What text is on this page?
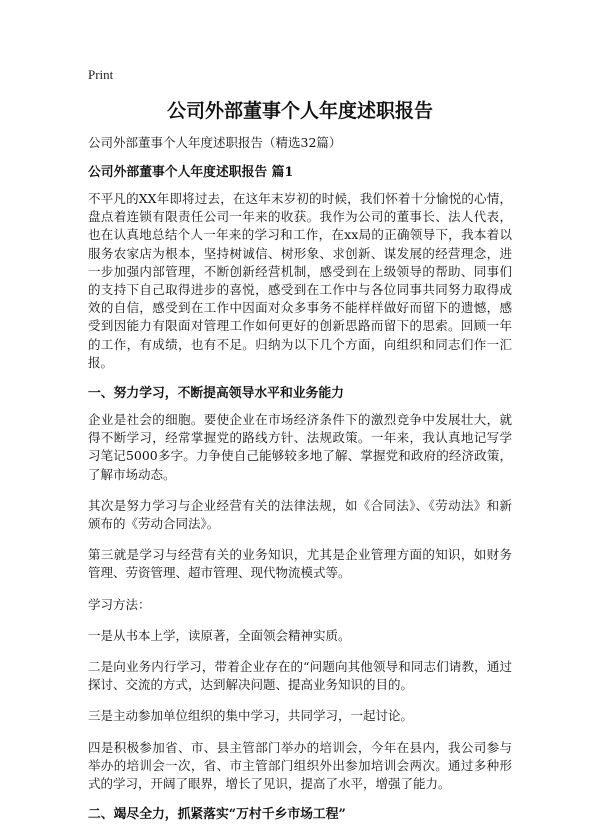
Print
公司外部董事个人年度述职报告

公司外部董事个人年度述职报告（精选32篇）

公司外部董事个人年度述职报告 篇1

不平凡的XX年即将过去，在这年末岁初的时候，我们怀着十分愉悦的心情，盘点着连锁有限责任公司一年来的收获。我作为公司的董事长、法人代表，也在认真地总结个人一年来的学习和工作，在xx局的正确领导下，我本着以服务农家店为根本，坚持树诚信、树形象、求创新、谋发展的经营理念，进一步加强内部管理，不断创新经营机制，感受到在上级领导的帮助、同事们的支持下自己取得进步的喜悦，感受到在工作中与各位同事共同努力取得成效的自信，感受到在工作中因面对众多事务不能样样做好而留下的遗憾，感受到因能力有限面对管理工作如何更好的创新思路而留下的思索。回顾一年的工作，有成绩，也有不足。归纳为以下几个方面，向组织和同志们作一汇报。

一、努力学习，不断提高领导水平和业务能力

企业是社会的细胞。要使企业在市场经济条件下的激烈竞争中发展壮大，就得不断学习，经常掌握党的路线方针、法规政策。一年来，我认真地记写学习笔记5000多字。力争使自己能够较多地了解、掌握党和政府的经济政策，了解市场动态。

其次是努力学习与企业经营有关的法律法规，如《合同法》、《劳动法》和新颁布的《劳动合同法》。

第三就是学习与经营有关的业务知识，尤其是企业管理方面的知识，如财务管理、劳资管理、超市管理、现代物流模式等。

学习方法：

一是从书本上学，读原著，全面领会精神实质。

二是向业务内行学习，带着企业存在的“问题向其他领导和同志们请教，通过探讨、交流的方式，达到解决问题、提高业务知识的目的。

三是主动参加单位组织的集中学习，共同学习，一起讨论。

四是积极参加省、市、县主管部门举办的培训会，今年在县内，我公司参与举办的培训会一次，省、市主管部门组织外出参加培训会两次。通过多种形式的学习，开阔了眼界，增长了见识，提高了水平，增强了能力。

二、竭尽全力，抓紧落实“万村千乡市场工程”
